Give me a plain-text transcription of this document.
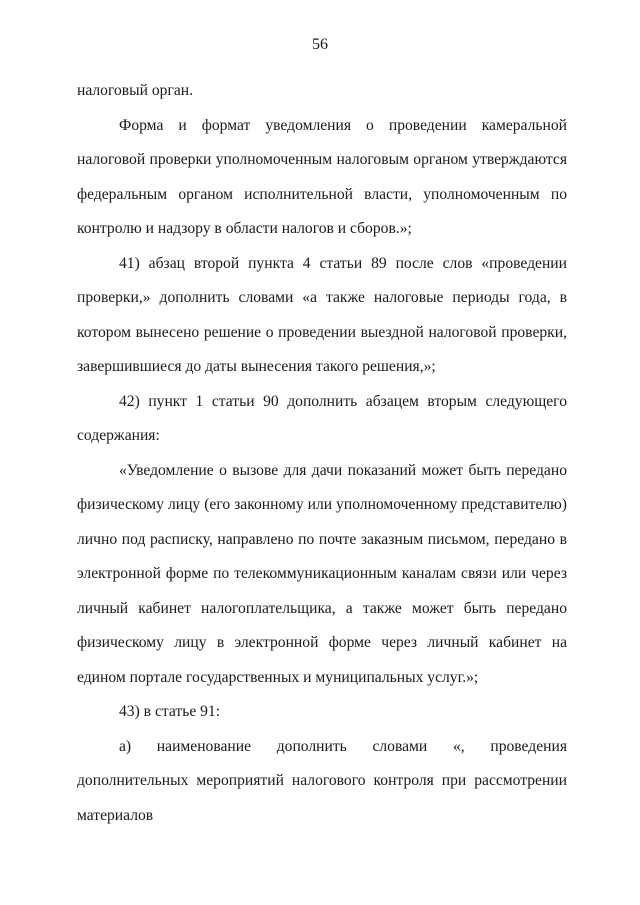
56

налоговый орган.

Форма и формат уведомления о проведении камеральной налоговой проверки уполномоченным налоговым органом утверждаются федеральным органом исполнительной власти, уполномоченным по контролю и надзору в области налогов и сборов.»;

41) абзац второй пункта 4 статьи 89 после слов «проведении проверки,» дополнить словами «а также налоговые периоды года, в котором вынесено решение о проведении выездной налоговой проверки, завершившиеся до даты вынесения такого решения,»;

42) пункт 1 статьи 90 дополнить абзацем вторым следующего содержания:

«Уведомление о вызове для дачи показаний может быть передано физическому лицу (его законному или уполномоченному представителю) лично под расписку, направлено по почте заказным письмом, передано в электронной форме по телекоммуникационным каналам связи или через личный кабинет налогоплательщика, а также может быть передано физическому лицу в электронной форме через личный кабинет на едином портале государственных и муниципальных услуг.»;

43) в статье 91:

а) наименование дополнить словами «, проведения дополнительных мероприятий налогового контроля при рассмотрении материалов
